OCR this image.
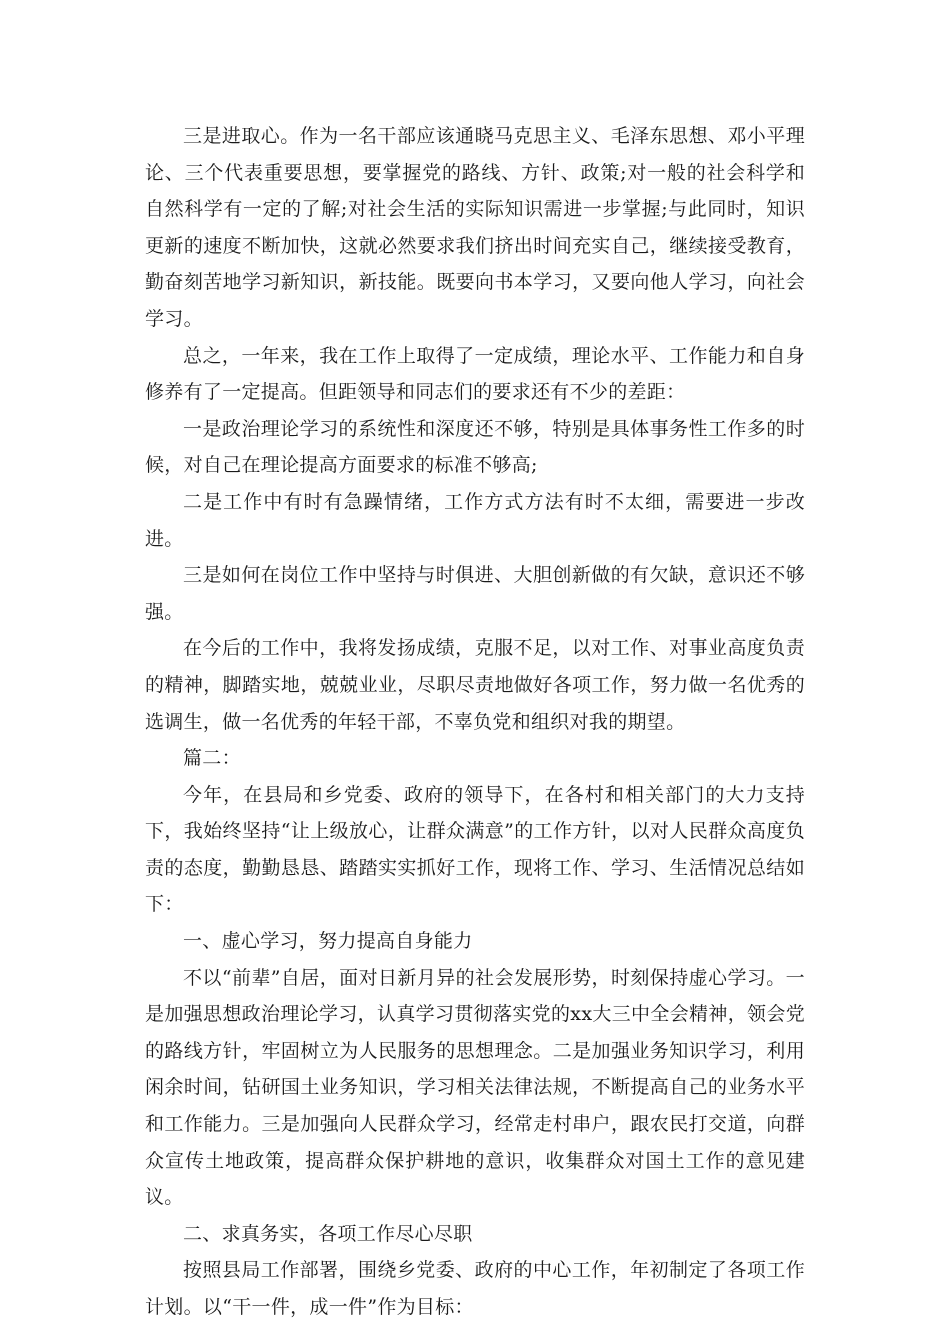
三是进取心。作为一名干部应该通晓马克思主义、毛泽东思想、邓小平理论、三个代表重要思想，要掌握党的路线、方针、政策;对一般的社会科学和自然科学有一定的了解;对社会生活的实际知识需进一步掌握;与此同时，知识更新的速度不断加快，这就必然要求我们挤出时间充实自己，继续接受教育，勤奋刻苦地学习新知识，新技能。既要向书本学习，又要向他人学习，向社会学习。

总之，一年来，我在工作上取得了一定成绩，理论水平、工作能力和自身修养有了一定提高。但距领导和同志们的要求还有不少的差距：

一是政治理论学习的系统性和深度还不够，特别是具体事务性工作多的时候，对自己在理论提高方面要求的标准不够高;

二是工作中有时有急躁情绪，工作方式方法有时不太细，需要进一步改进。

三是如何在岗位工作中坚持与时俱进、大胆创新做的有欠缺，意识还不够强。

在今后的工作中，我将发扬成绩，克服不足，以对工作、对事业高度负责的精神，脚踏实地，兢兢业业，尽职尽责地做好各项工作，努力做一名优秀的选调生，做一名优秀的年轻干部，不辜负党和组织对我的期望。

篇二：

今年，在县局和乡党委、政府的领导下，在各村和相关部门的大力支持下，我始终坚持“让上级放心，让群众满意”的工作方针，以对人民群众高度负责的态度，勤勤恳恳、踏踏实实抓好工作，现将工作、学习、生活情况总结如下：

一、虚心学习，努力提高自身能力

不以“前辈”自居，面对日新月异的社会发展形势，时刻保持虚心学习。一是加强思想政治理论学习，认真学习贯彻落实党的xx大三中全会精神，领会党的路线方针，牢固树立为人民服务的思想理念。二是加强业务知识学习，利用闲余时间，钻研国土业务知识，学习相关法律法规，不断提高自己的业务水平和工作能力。三是加强向人民群众学习，经常走村串户，跟农民打交道，向群众宣传土地政策，提高群众保护耕地的意识，收集群众对国土工作的意见建议。

二、求真务实，各项工作尽心尽职

按照县局工作部署，围绕乡党委、政府的中心工作，年初制定了各项工作计划。以“干一件，成一件”作为目标：
